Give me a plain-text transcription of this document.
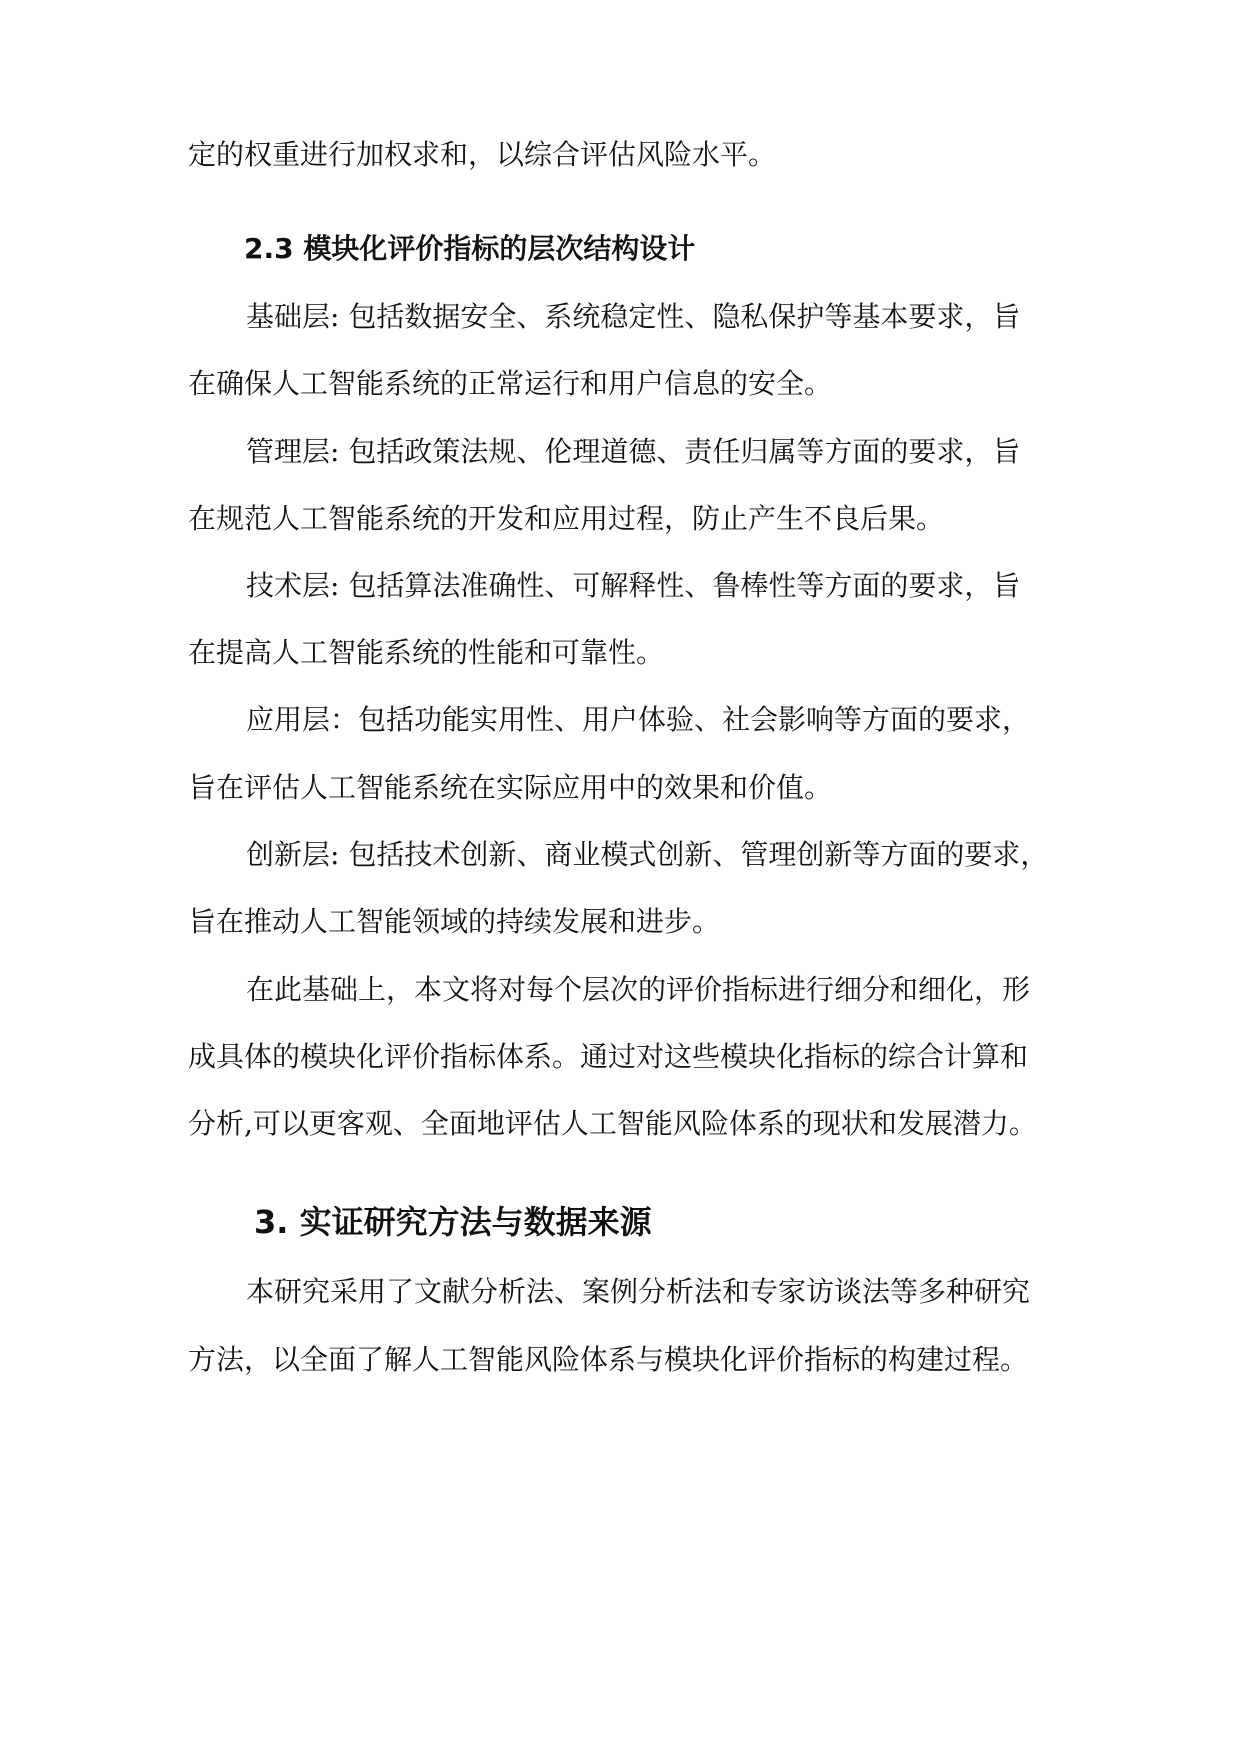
定的权重进行加权求和，以综合评估风险水平。
2.3 模块化评价指标的层次结构设计
基础层: 包括数据安全、系统稳定性、隐私保护等基本要求，旨
在确保人工智能系统的正常运行和用户信息的安全。
管理层: 包括政策法规、伦理道德、责任归属等方面的要求，旨
在规范人工智能系统的开发和应用过程，防止产生不良后果。
技术层: 包括算法准确性、可解释性、鲁棒性等方面的要求，旨
在提高人工智能系统的性能和可靠性。
应用层：包括功能实用性、用户体验、社会影响等方面的要求，
旨在评估人工智能系统在实际应用中的效果和价值。
创新层: 包括技术创新、商业模式创新、管理创新等方面的要求，
旨在推动人工智能领域的持续发展和进步。
在此基础上，本文将对每个层次的评价指标进行细分和细化，形
成具体的模块化评价指标体系。通过对这些模块化指标的综合计算和
分析,可以更客观、全面地评估人工智能风险体系的现状和发展潜力。
3. 实证研究方法与数据来源
本研究采用了文献分析法、案例分析法和专家访谈法等多种研究
方法，以全面了解人工智能风险体系与模块化评价指标的构建过程。
